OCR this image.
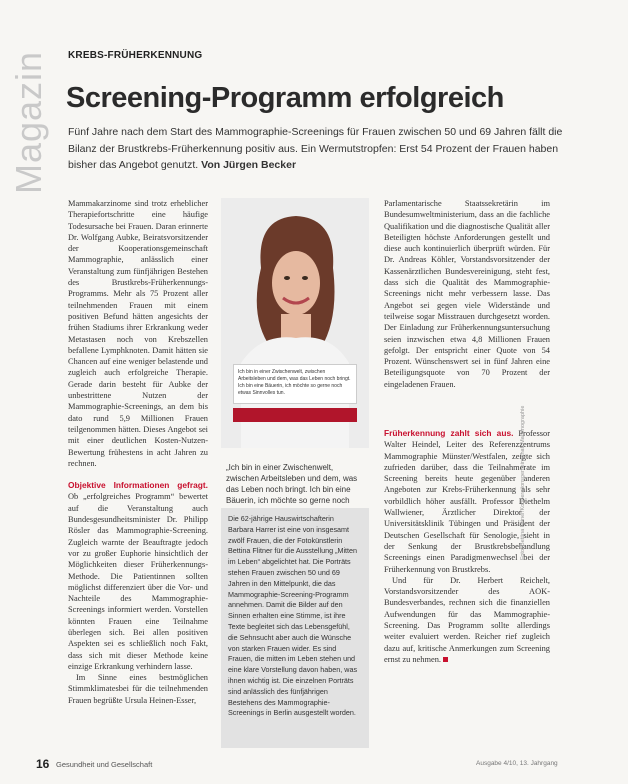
Magazin KREBS-FRÜHERKENNUNG
Screening-Programm erfolgreich
Fünf Jahre nach dem Start des Mammographie-Screenings für Frauen zwischen 50 und 69 Jahren fällt die Bilanz der Brustkrebs-Früherkennung positiv aus. Ein Wermutstropfen: Erst 54 Prozent der Frauen haben bisher das Angebot genutzt. Von Jürgen Becker

Mammakarzinome sind trotz erheblicher Therapiefortschritte eine häufige Todesursache bei Frauen. Daran erinnerte Dr. Wolfgang Aubke, Beiratsvorsitzender der Kooperationsgemeinschaft Mammographie, anlässlich einer Veranstaltung zum fünfjährigen Bestehen des Brustkrebs-Früherkennungs-Programms. Mehr als 75 Prozent aller teilnehmenden Frauen mit einem positiven Befund hätten angesichts der frühen Stadiums ihrer Erkrankung weder Metastasen noch von Krebszellen befallene Lymphknoten. Damit hätten sie Chancen auf eine weniger belastende und zugleich auch erfolgreiche Therapie. Gerade darin besteht für Aubke der unbestrittene Nutzen der Mammographie-Screenings, an dem bis dato rund 5,9 Millionen Frauen teilgenommen hätten. Dieses Angebot sei mit einer deutlichen Kosten-Nutzen-Bewertung frühestens in acht Jahren zu rechnen.

Objektive Informationen gefragt. Ob „erfolgreiches Programm“ bewertet auf die Veranstaltung auch Bundesgesundheitsminister Dr. Philipp Rösler das Mammographie-Screening. Zugleich warnte der Beauftragte jedoch vor zu großer Euphorie hinsichtlich der Möglichkeiten dieser Früherkennungs-Methode. Die Patientinnen sollten möglichst differenziert über die Vor- und Nachteile des Mammographie-Screenings informiert werden. Vorstellen könnten Frauen eine Teilnahme überlegen sich. Bei allen positiven Aspekten sei es schließlich noch Fakt, dass sich mit dieser Methode keine einzige Erkrankung verhindern lasse.

Im Sinne eines bestmöglichen Stimmklimatesbei für die teilnehmenden Frauen begrüßte Ursula Heinen-Esser,

Ich bin in einer Zwischenwelt, zwischen Arbeitsleben und dem, was das Leben noch bringt. Ich bin eine Bäuerin, ich möchte so gerne noch etwas Sinnvolles tun.
„Ich bin in einer Zwischenwelt, zwischen Arbeitsleben und dem, was das Leben noch bringt. Ich bin eine Bäuerin, ich möchte so gerne noch
Die 62-jährige Hauswirtschafterin Barbara Harrer ist eine von insgesamt zwölf Frauen, die der Fotokünstlerin Bettina Flitner für die Ausstellung „Mitten im Leben“ abgelichtet hat. Die Porträts stehen Frauen zwischen 50 und 69 Jahren in den Mittelpunkt, die das Mammographie-Screening-Programm annehmen. Damit die Bilder auf den Sinnen erhalten eine Stimme, ist ihre Texte begleitet sich das Lebensgefühl, die Sehnsucht aber auch die Wünsche von starken Frauen wider. Es sind Frauen, die mitten im Leben stehen und eine klare Vorstellung davon haben, was ihnen wichtig ist. Die einzelnen Porträts sind anlässlich des fünfjährigen Bestehens des Mammographie-Screenings in Berlin ausgestellt worden.

Parlamentarische Staatssekretärin im Bundesumweltministerium, dass an die fachliche Qualifikation und die diagnostische Qualität aller Beteiligten höchste Anforderungen gestellt und diese auch kontinuierlich überprüft würden. Für Dr. Andreas Köhler, Vorstandsvorsitzender der Kassenärztlichen Bundesvereinigung, steht fest, dass sich die Qualität des Mammographie-Screenings nicht mehr verbessern lasse. Das Angebot sei gegen viele Widerstände und teilweise sogar Misstrauen durchgesetzt worden. Der Einladung zur Früherkennungsuntersuchung seien inzwischen etwa 4,8 Millionen Frauen gefolgt. Der entspricht einer Quote von 54 Prozent. Wünschenswert sei in fünf Jahren eine Beteiligungsquote von 70 Prozent der eingeladenen Frauen.

Früherkennung zahlt sich aus. Professor Walter Heindel, Leiter des Referenzzentrums Mammographie Münster/Westfalen, zeigte sich zufrieden darüber, dass die Teilnahmerate im Screening bereits heute gegenüber anderen Angeboten zur Krebs-Früherkennung als sehr vorbildlich höher ausfällt. Professor Diethelm Wallwiener, Ärztlicher Direktor der Universitätsklinik Tübingen und Präsident der Deutschen Gesellschaft für Senologie, sieht in der Senkung der Brustkrebsbehandlung Screenings einen Paradigmenwechsel bei der Früherkennung von Brustkrebs.

Und für Dr. Herbert Reichelt, Vorstandsvorsitzender des AOK-Bundesverbandes, rechnen sich die finanziellen Aufwendungen für das Mammographie-Screening. Das Programm sollte allerdings weiter evaluiert werden. Reicher rief zugleich dazu auf, kritische Anmerkungen zum Screening ernst zu nehmen.

Foto: Bettina Flitner/Kooperationsgemeinschaft Mammographie
16 Gesundheit und Gesellschaft	Ausgabe 4/10, 13. Jahrgang
